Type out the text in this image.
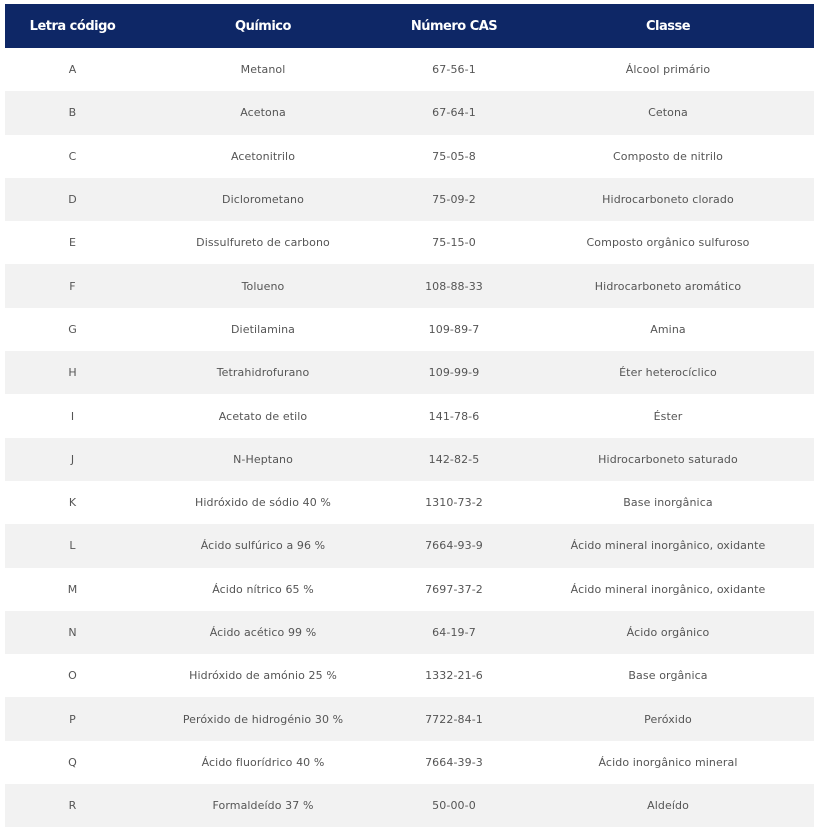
Letra código	Químico	Número CAS	Classe
A	Metanol	67-56-1	Álcool primário
B	Acetona	67-64-1	Cetona
C	Acetonitrilo	75-05-8	Composto de nitrilo
D	Diclorometano	75-09-2	Hidrocarboneto clorado
E	Dissulfureto de carbono	75-15-0	Composto orgânico sulfuroso
F	Tolueno	108-88-33	Hidrocarboneto aromático
G	Dietilamina	109-89-7	Amina
H	Tetrahidrofurano	109-99-9	Éter heterocíclico
I	Acetato de etilo	141-78-6	Éster
J	N-Heptano	142-82-5	Hidrocarboneto saturado
K	Hidróxido de sódio 40 %	1310-73-2	Base inorgânica
L	Ácido sulfúrico a 96 %	7664-93-9	Ácido mineral inorgânico, oxidante
M	Ácido nítrico 65 %	7697-37-2	Ácido mineral inorgânico, oxidante
N	Ácido acético 99 %	64-19-7	Ácido orgânico
O	Hidróxido de amónio 25 %	1332-21-6	Base orgânica
P	Peróxido de hidrogénio 30 %	7722-84-1	Peróxido
Q	Ácido fluorídrico 40 %	7664-39-3	Ácido inorgânico mineral
R	Formaldeído 37 %	50-00-0	Aldeído
